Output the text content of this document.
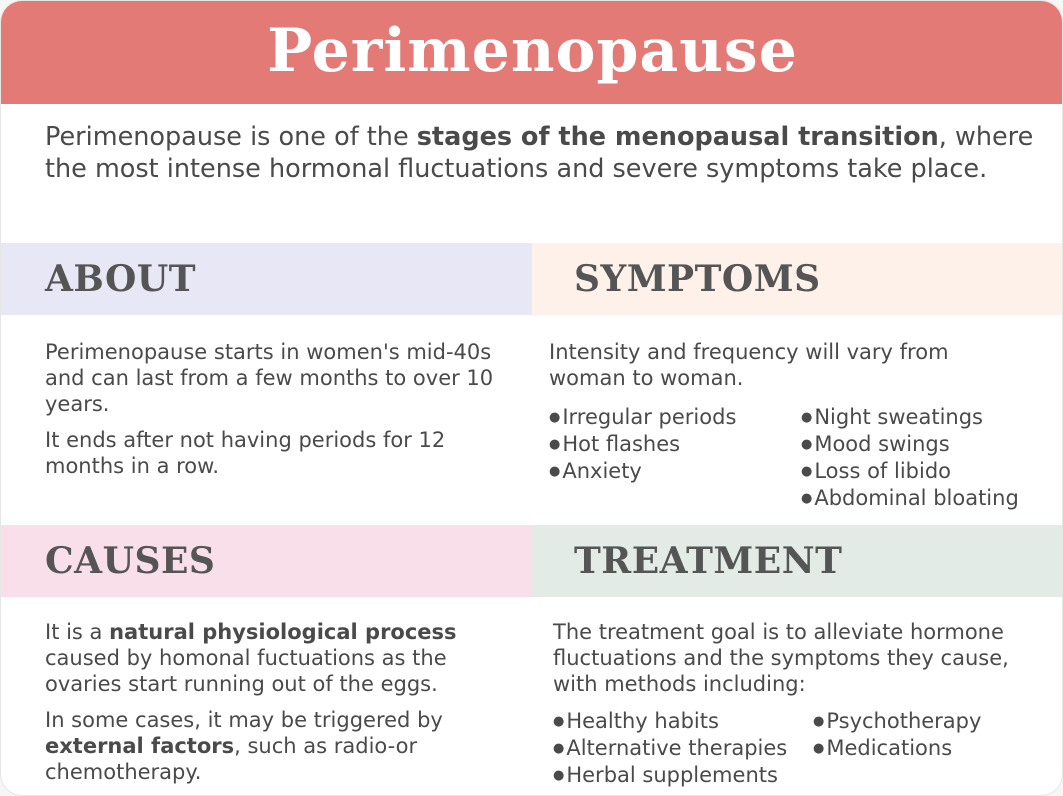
Perimenopause

Perimenopause is one of the stages of the menopausal transition, where the most intense hormonal fluctuations and severe symptoms take place.

ABOUT

Perimenopause starts in women's mid-40s and can last from a few months to over 10 years.

It ends after not having periods for 12 months in a row.

SYMPTOMS

Intensity and frequency will vary from woman to woman.

● Irregular periods
● Hot flashes
● Anxiety
● Night sweatings
● Mood swings
● Loss of libido
● Abdominal bloating
CAUSES

It is a natural physiological process caused by homonal fuctuations as the ovaries start running out of the eggs.

In some cases, it may be triggered by external factors, such as radio-or chemotherapy.

TREATMENT

The treatment goal is to alleviate hormone fluctuations and the symptoms they cause, with methods including:

● Healthy habits
● Alternative therapies
● Herbal supplements
● Psychotherapy
● Medications
